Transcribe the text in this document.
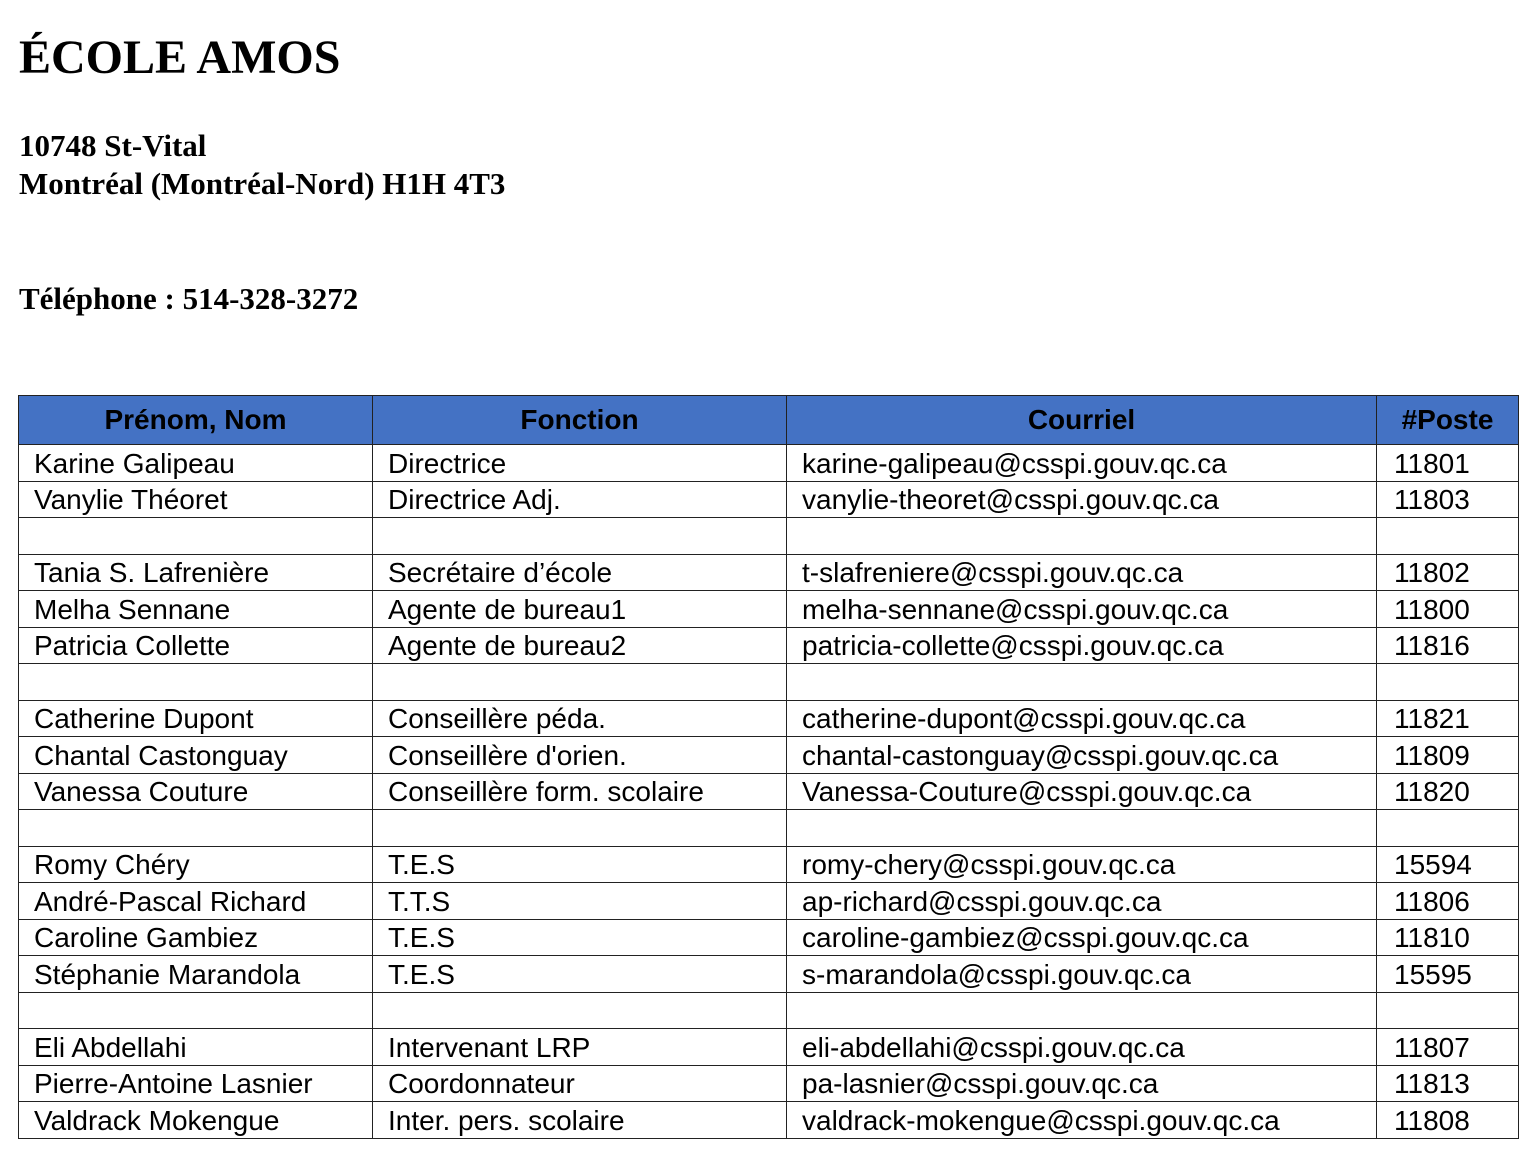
ÉCOLE AMOS
10748 St-Vital
Montréal (Montréal-Nord) H1H 4T3
Téléphone : 514-328-3272
Prénom, Nom	Fonction	Courriel	#Poste
Karine Galipeau	Directrice	karine-galipeau@csspi.gouv.qc.ca	11801
Vanylie Théoret	Directrice Adj.	vanylie-theoret@csspi.gouv.qc.ca	11803

Tania S. Lafrenière	Secrétaire d’école	t-slafreniere@csspi.gouv.qc.ca	11802
Melha Sennane	Agente de bureau1	melha-sennane@csspi.gouv.qc.ca	11800
Patricia Collette	Agente de bureau2	patricia-collette@csspi.gouv.qc.ca	11816

Catherine Dupont	Conseillère péda.	catherine-dupont@csspi.gouv.qc.ca	11821
Chantal Castonguay	Conseillère d'orien.	chantal-castonguay@csspi.gouv.qc.ca	11809
Vanessa Couture	Conseillère form. scolaire	Vanessa-Couture@csspi.gouv.qc.ca	11820

Romy Chéry	T.E.S	romy-chery@csspi.gouv.qc.ca	15594
André-Pascal Richard	T.T.S	ap-richard@csspi.gouv.qc.ca	11806
Caroline Gambiez	T.E.S	caroline-gambiez@csspi.gouv.qc.ca	11810
Stéphanie Marandola	T.E.S	s-marandola@csspi.gouv.qc.ca	15595

Eli Abdellahi	Intervenant LRP	eli-abdellahi@csspi.gouv.qc.ca	11807
Pierre-Antoine Lasnier	Coordonnateur	pa-lasnier@csspi.gouv.qc.ca	11813
Valdrack Mokengue	Inter. pers. scolaire	valdrack-mokengue@csspi.gouv.qc.ca	11808
